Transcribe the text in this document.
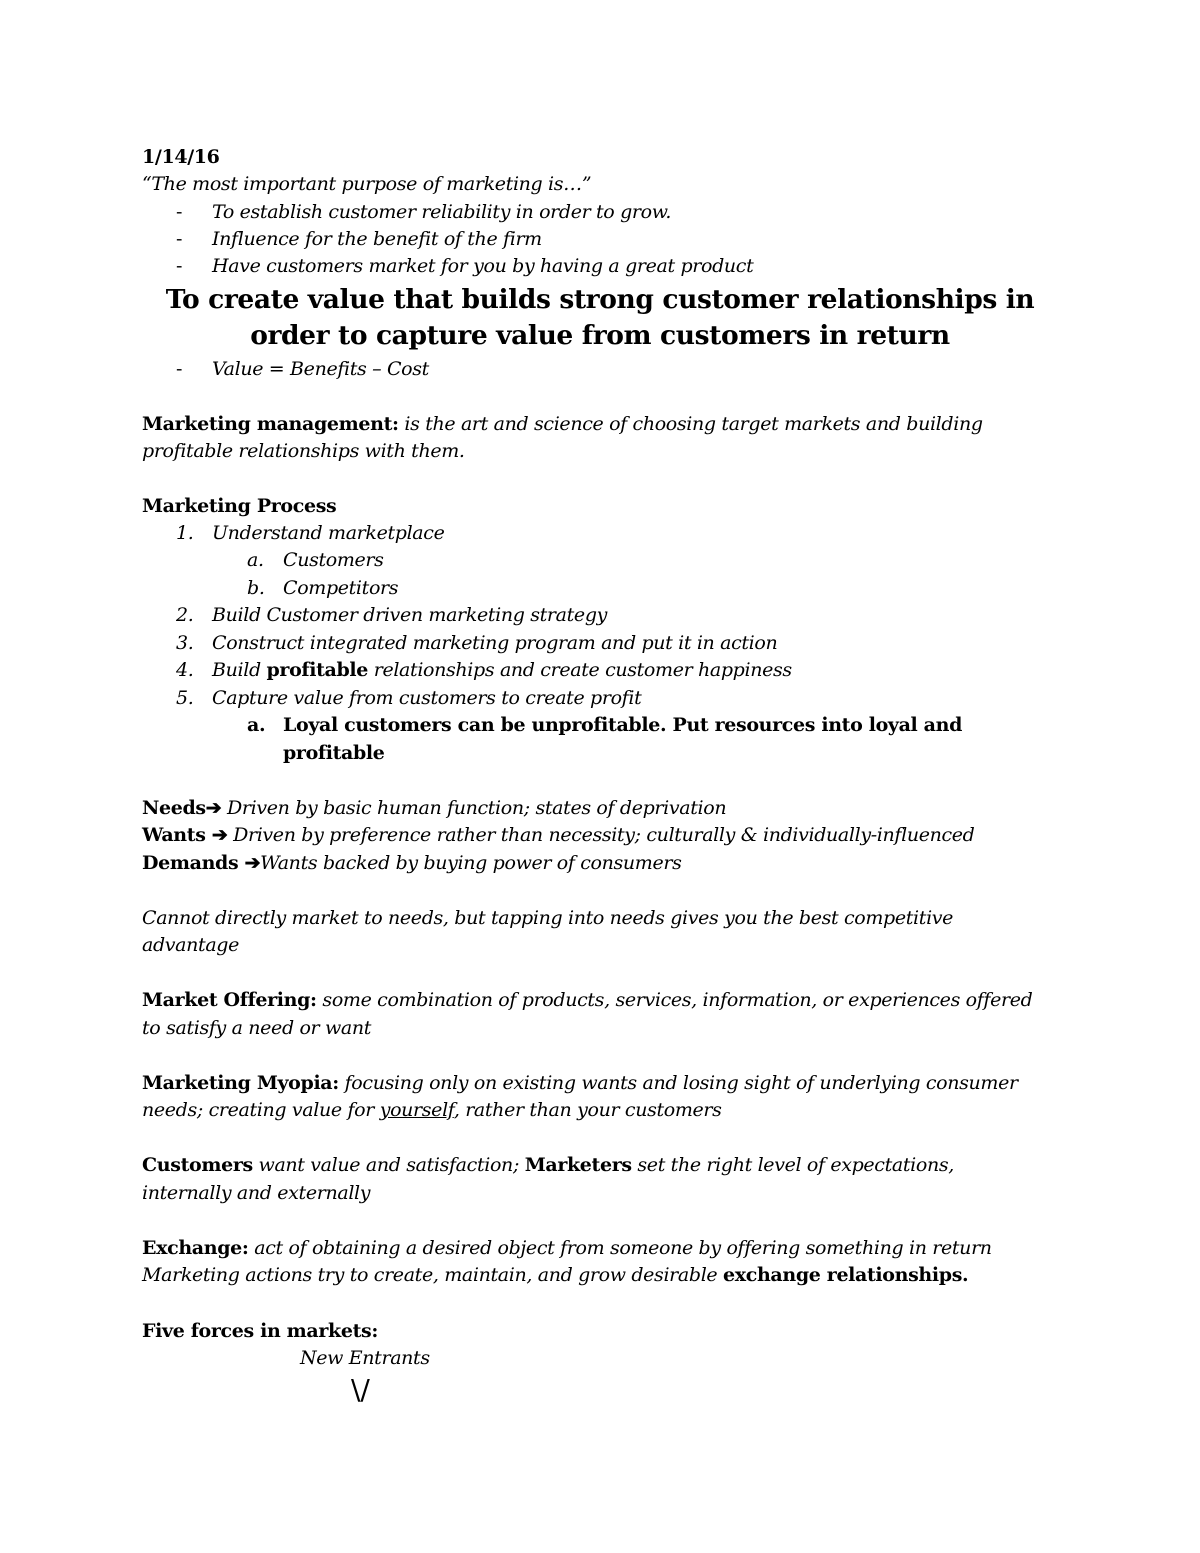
1/14/16

“The most important purpose of marketing is…”

- To establish customer reliability in order to grow.

- Influence for the benefit of the firm

- Have customers market for you by having a great product

To create value that builds strong customer relationships in

order to capture value from customers in return

- Value = Benefits – Cost

Marketing management: is the art and science of choosing target markets and building

profitable relationships with them.

Marketing Process

1. Understand marketplace

a. Customers

b. Competitors

2. Build Customer driven marketing strategy

3. Construct integrated marketing program and put it in action

4. Build profitable relationships and create customer happiness

5. Capture value from customers to create profit

a. Loyal customers can be unprofitable. Put resources into loyal and

profitable

Needs➔ Driven by basic human function; states of deprivation

Wants ➔ Driven by preference rather than necessity; culturally & individually-influenced

Demands ➔Wants backed by buying power of consumers

Cannot directly market to needs, but tapping into needs gives you the best competitive

advantage

Market Offering: some combination of products, services, information, or experiences offered

to satisfy a need or want

Marketing Myopia: focusing only on existing wants and losing sight of underlying consumer

needs; creating value for yourself, rather than your customers

Customers want value and satisfaction; Marketers set the right level of expectations,

internally and externally

Exchange: act of obtaining a desired object from someone by offering something in return

Marketing actions try to create, maintain, and grow desirable exchange relationships.

Five forces in markets:

New Entrants

\/
